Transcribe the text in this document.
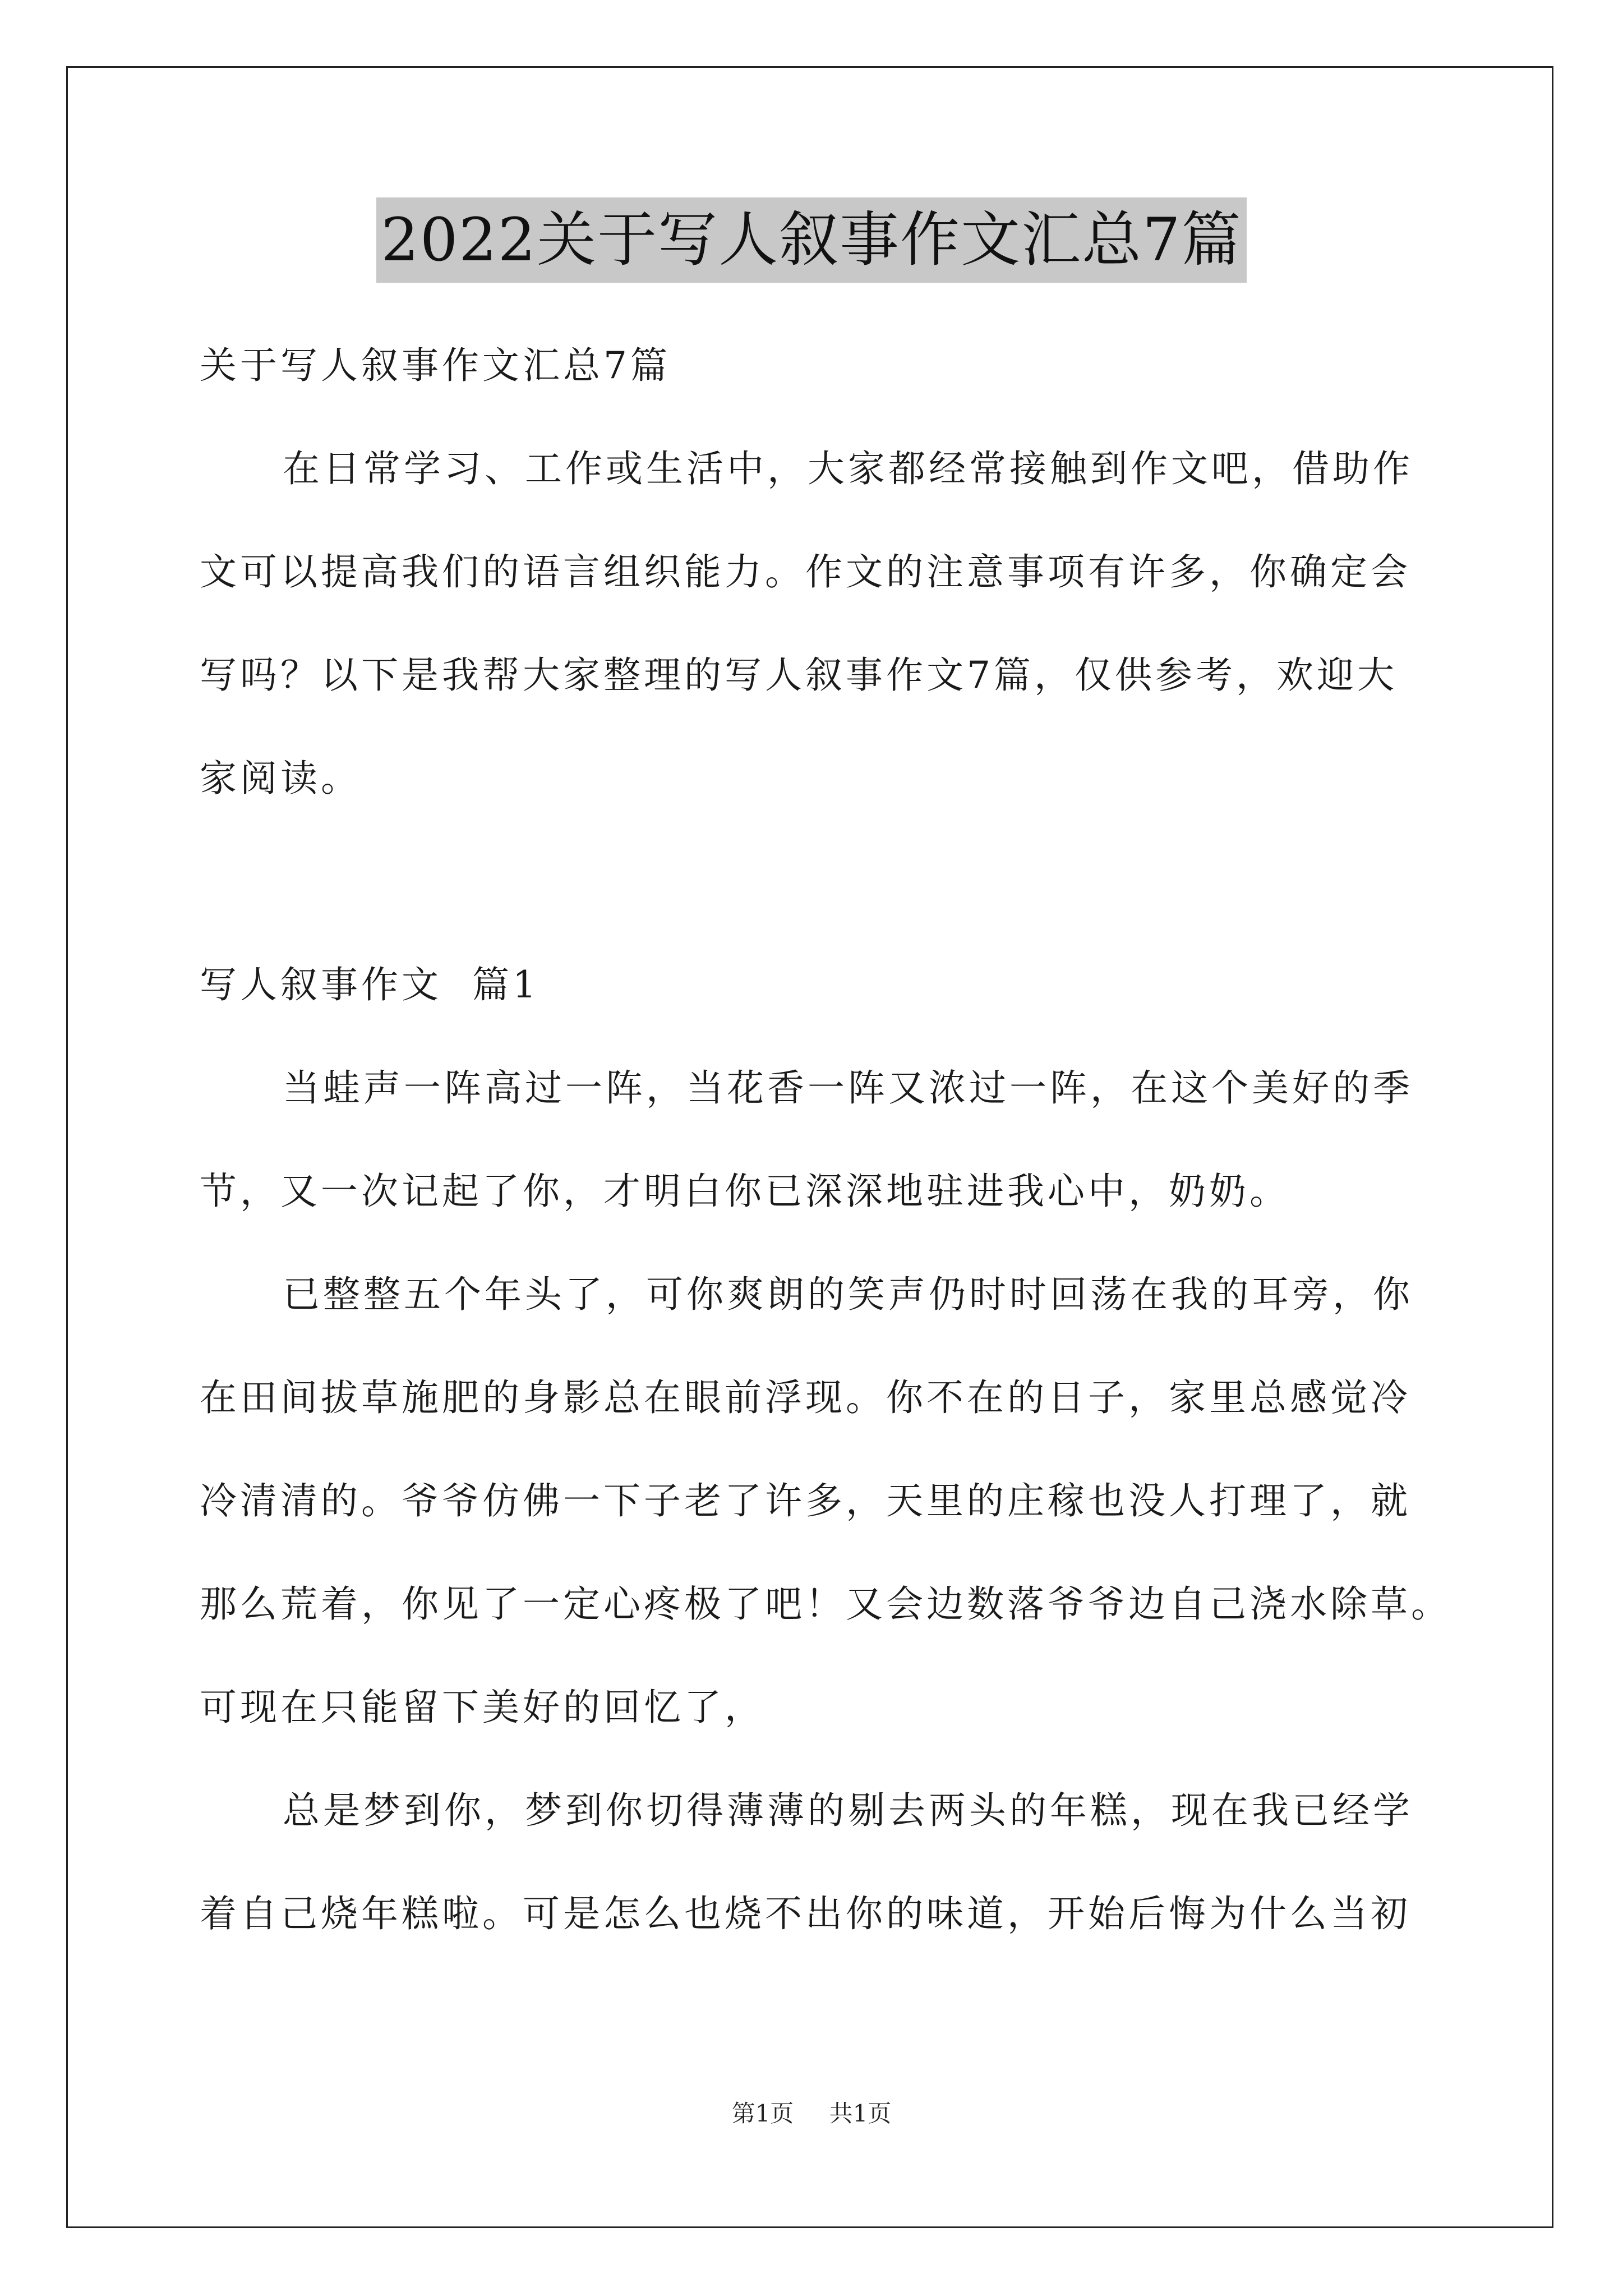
2022关于写人叙事作文汇总7篇
关于写人叙事作文汇总7篇
在日常学习、工作或生活中，大家都经常接触到作文吧，借助作
文可以提高我们的语言组织能力。作文的注意事项有许多，你确定会
写吗？以下是我帮大家整理的写人叙事作文7篇，仅供参考，欢迎大
家阅读。
写人叙事作文  篇1
当蛙声一阵高过一阵，当花香一阵又浓过一阵，在这个美好的季
节，又一次记起了你，才明白你已深深地驻进我心中，奶奶。
已整整五个年头了，可你爽朗的笑声仍时时回荡在我的耳旁，你
在田间拔草施肥的身影总在眼前浮现。你不在的日子，家里总感觉冷
冷清清的。爷爷仿佛一下子老了许多，天里的庄稼也没人打理了，就
那么荒着，你见了一定心疼极了吧！又会边数落爷爷边自己浇水除草。
可现在只能留下美好的回忆了，
总是梦到你，梦到你切得薄薄的剔去两头的年糕，现在我已经学
着自己烧年糕啦。可是怎么也烧不出你的味道，开始后悔为什么当初
第1页 共1页
